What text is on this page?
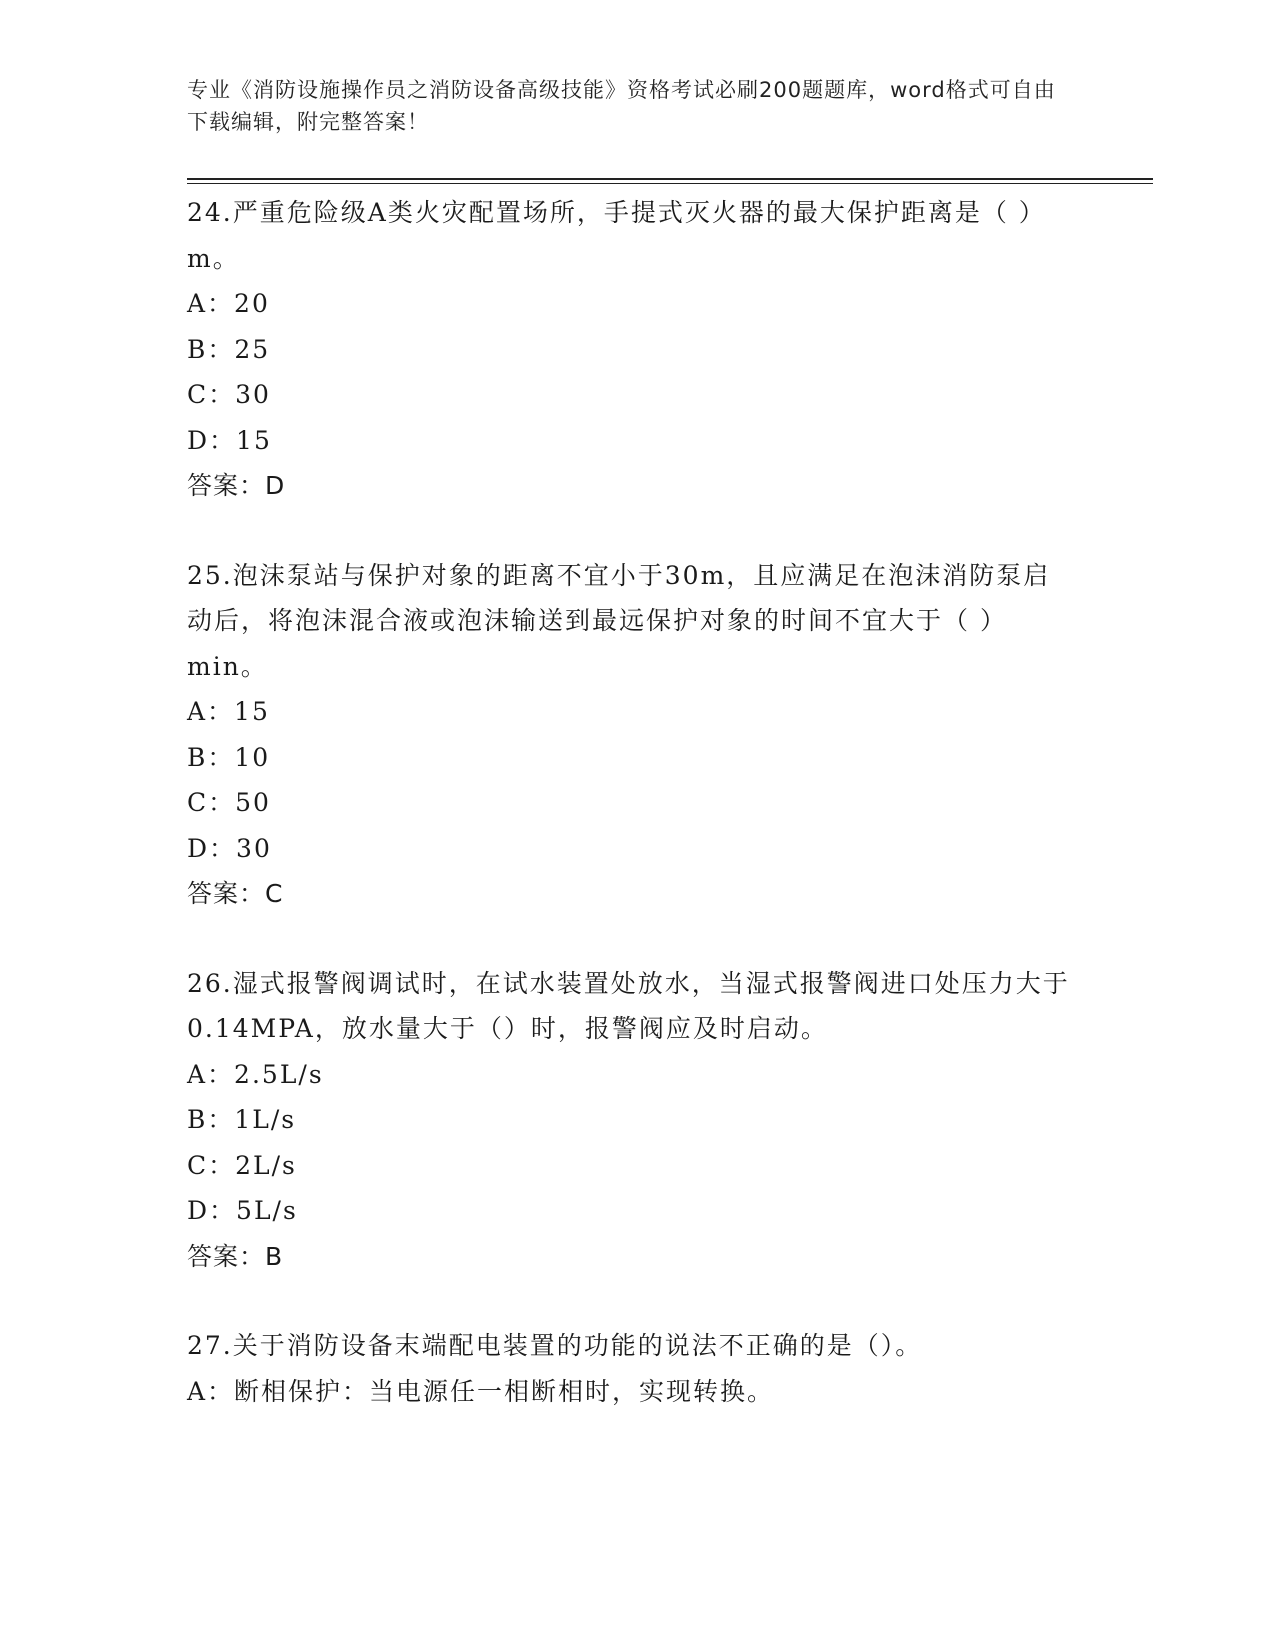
专业《消防设施操作员之消防设备高级技能》资格考试必刷200题题库，word格式可自由下载编辑，附完整答案！
24.严重危险级A类火灾配置场所，手提式灭火器的最大保护距离是（ ）m。
A：20
B：25
C：30
D：15
答案：D
25.泡沫泵站与保护对象的距离不宜小于30m，且应满足在泡沫消防泵启动后，将泡沫混合液或泡沫输送到最远保护对象的时间不宜大于（ ）min。
A：15
B：10
C：50
D：30
答案：C
26.湿式报警阀调试时，在试水装置处放水，当湿式报警阀进口处压力大于0.14MPA，放水量大于（）时，报警阀应及时启动。
A：2.5L/s
B：1L/s
C：2L/s
D：5L/s
答案：B
27.关于消防设备末端配电装置的功能的说法不正确的是（）。
A：断相保护：当电源任一相断相时，实现转换。
